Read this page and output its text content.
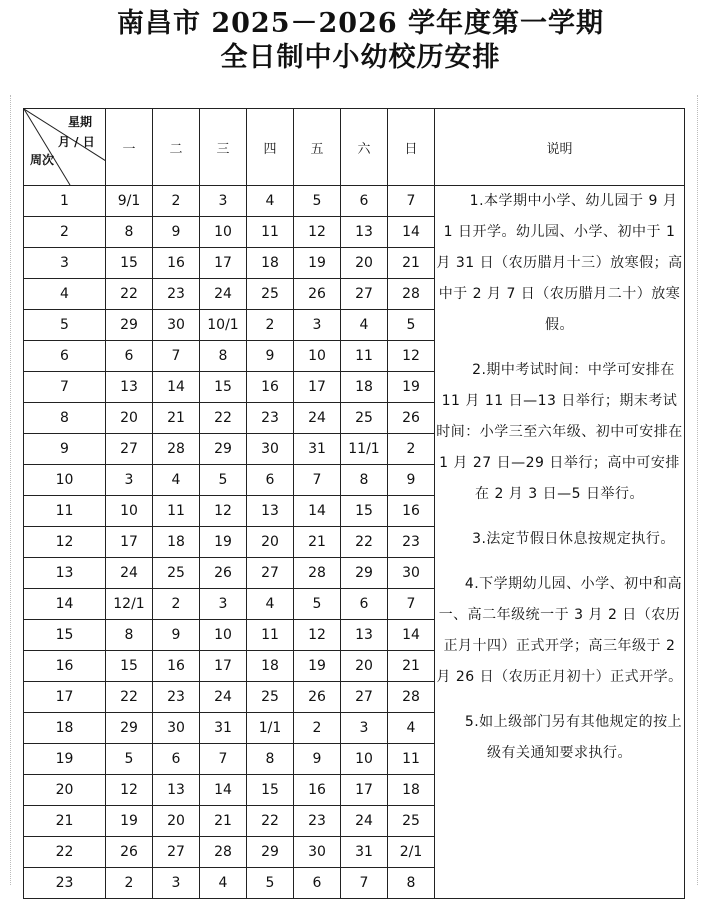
南昌市 2025－2026 学年度第一学期
全日制中小幼校历安排
星期
月 / 日
周次	一	二	三	四	五	六	日	说明
1	9/1	2	3	4	5	6	7	1.本学期中小学、幼儿园于 9 月 1 日开学。幼儿园、小学、初中于 1 月 31 日（农历腊月十三）放寒假；高中于 2 月 7 日（农历腊月二十）放寒假。

2.期中考试时间：中学可安排在 11 月 11 日—13 日举行；期末考试时间：小学三至六年级、初中可安排在 1 月 27 日—29 日举行；高中可安排在 2 月 3 日—5 日举行。

3.法定节假日休息按规定执行。

4.下学期幼儿园、小学、初中和高一、高二年级统一于 3 月 2 日（农历正月十四）正式开学；高三年级于 2 月 26 日（农历正月初十）正式开学。

5.如上级部门另有其他规定的按上级有关通知要求执行。

2	8	9	10	11	12	13	14	
3	15	16	17	18	19	20	21	
4	22	23	24	25	26	27	28	
5	29	30	10/1	2	3	4	5	
6	6	7	8	9	10	11	12	
7	13	14	15	16	17	18	19	
8	20	21	22	23	24	25	26	
9	27	28	29	30	31	11/1	2	
10	3	4	5	6	7	8	9	
11	10	11	12	13	14	15	16	
12	17	18	19	20	21	22	23	
13	24	25	26	27	28	29	30	
14	12/1	2	3	4	5	6	7	
15	8	9	10	11	12	13	14	
16	15	16	17	18	19	20	21	
17	22	23	24	25	26	27	28	
18	29	30	31	1/1	2	3	4	
19	5	6	7	8	9	10	11	
20	12	13	14	15	16	17	18	
21	19	20	21	22	23	24	25	
22	26	27	28	29	30	31	2/1	
23	2	3	4	5	6	7	8	
